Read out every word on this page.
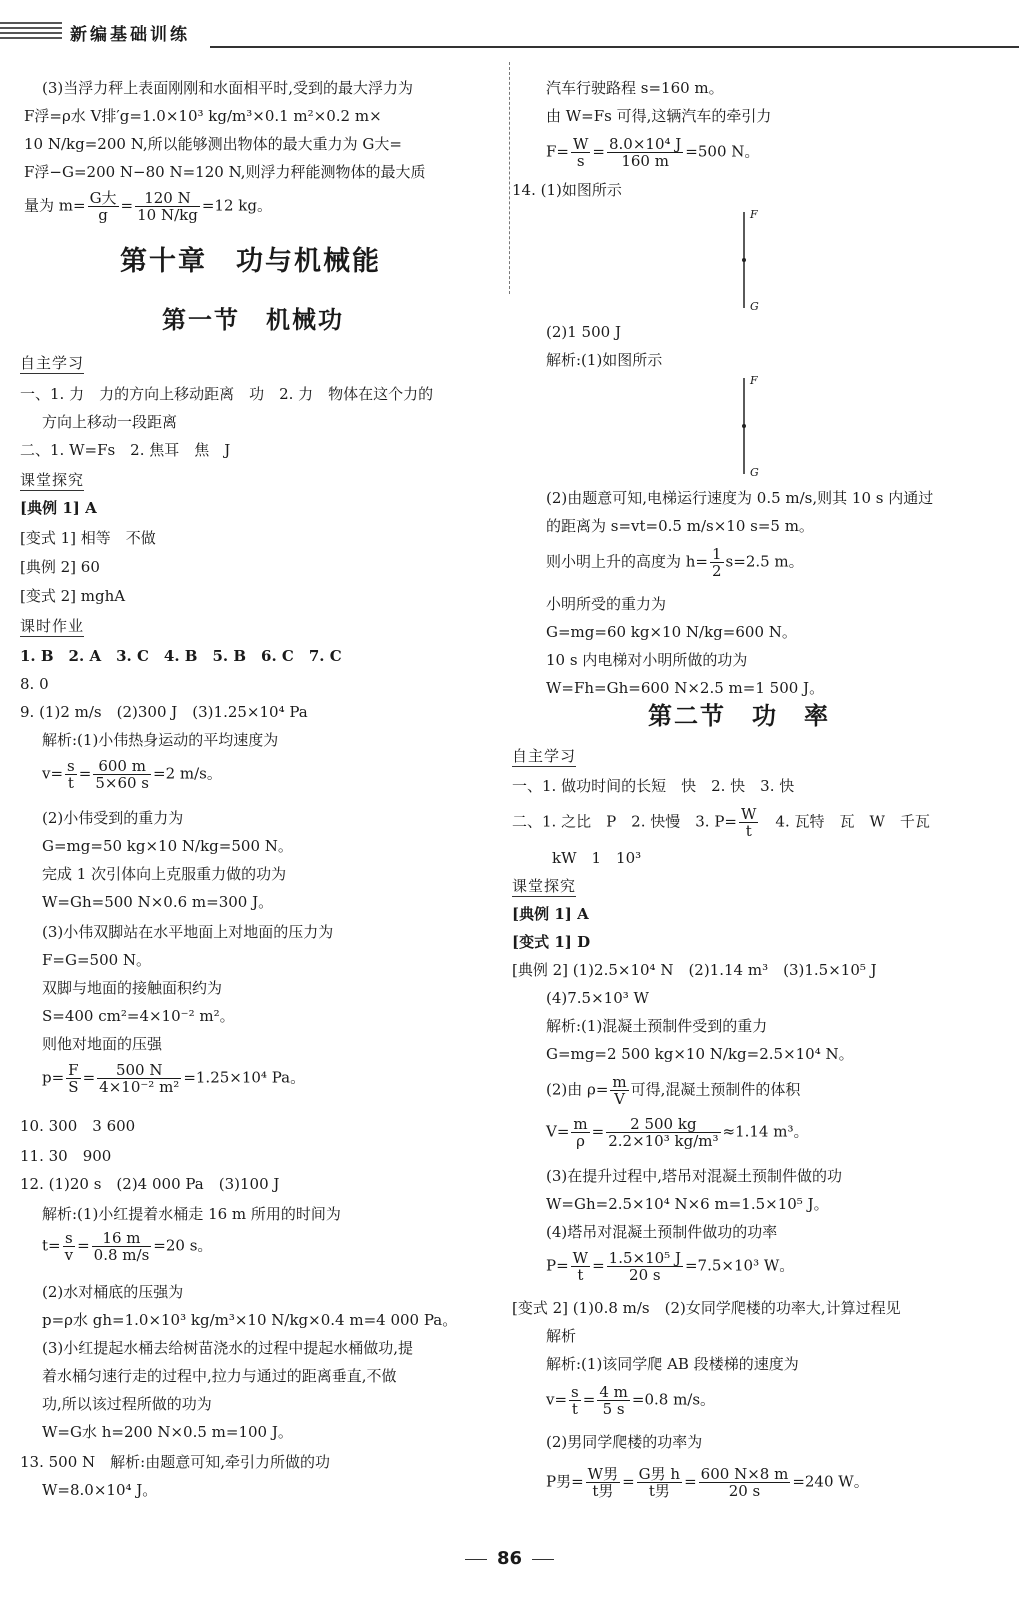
新编基础训练
(3)当浮力秤上表面刚刚和水面相平时,受到的最大浮力为
F浮=ρ水 V排′g=1.0×10³ kg/m³×0.1 m²×0.2 m×
10 N/kg=200 N,所以能够测出物体的最大重力为 G大=
F浮−G=200 N−80 N=120 N,则浮力秤能测物体的最大质
量为 $m= \frac{\text{G大}}{g} = \frac{120 N}{10 N/kg} =12$ kg。
第十章　功与机械能
第一节　机械功
自主学习
一、1. 力　力的方向上移动距离　功　2. 力　物体在这个力的
方向上移动一段距离
二、1. W=Fs　2. 焦耳　焦　J
课堂探究
[典例 1] A
[变式 1] 相等　不做
[典例 2] 60
[变式 2] mghA
课时作业
1. B　2. A　3. C　4. B　5. B　6. C　7. C
8. 0
9. (1)2 m/s　(2)300 J　(3)1.25×10⁴ Pa
解析:(1)小伟热身运动的平均速度为
$v= \frac{s}{t} = \frac{600 m}{5\times 60 s} =2$ m/s。
(2)小伟受到的重力为
G=mg=50 kg×10 N/kg=500 N。
完成 1 次引体向上克服重力做的功为
W=Gh=500 N×0.6 m=300 J。
(3)小伟双脚站在水平地面上对地面的压力为
F=G=500 N。
双脚与地面的接触面积约为
S=400 cm²=4×10⁻² m²。
则他对地面的压强
$p= \frac{F}{S} = \frac{500 N}{\text{4×10⁻² m²}} =1.25\times 10^4$ Pa。
10. 300　3 600
11. 30　900
12. (1)20 s　(2)4 000 Pa　(3)100 J
解析:(1)小红提着水桶走 16 m 所用的时间为
$t= \frac{s}{v} = \frac{16 m}{0.8 m/s} =20$ s。
(2)水对桶底的压强为
p=ρ水 gh=1.0×10³ kg/m³×10 N/kg×0.4 m=4 000 Pa。
(3)小红提起水桶去给树苗浇水的过程中提起水桶做功,提
着水桶匀速行走的过程中,拉力与通过的距离垂直,不做
功,所以该过程所做的功为
W=G水 h=200 N×0.5 m=100 J。
13. 500 N　解析:由题意可知,牵引力所做的功
W=8.0×10⁴ J。
汽车行驶路程 s=160 m。
由 W=Fs 可得,这辆汽车的牵引力
$F= \frac{W}{s} = \frac{\text{8.0×10⁴ J}}{160 m} =500$ N。
14. (1)如图所示
F
G
(2)1 500 J
解析:(1)如图所示
F
G
(2)由题意可知,电梯运行速度为 0.5 m/s,则其 10 s 内通过
的距离为 s=vt=0.5 m/s×10 s=5 m。
则小明上升的高度为 $h= \frac{1}{2} s=2.5$ m。
小明所受的重力为
G=mg=60 kg×10 N/kg=600 N。
10 s 内电梯对小明所做的功为
W=Fh=Gh=600 N×2.5 m=1 500 J。
第二节　功　率
自主学习
一、1. 做功时间的长短　快　2. 快　3. 快
二、1. 之比　P　2. 快慢　3. $P= \frac{W}{t}$ 　4. 瓦特　瓦　W　千瓦
kW　1　10³
课堂探究
[典例 1] A
[变式 1] D
[典例 2] (1)2.5×10⁴ N　(2)1.14 m³　(3)1.5×10⁵ J
(4)7.5×10³ W
解析:(1)混凝土预制件受到的重力
G=mg=2 500 kg×10 N/kg=2.5×10⁴ N。
(2)由 $\rho= \frac{m}{V}$ 可得,混凝土预制件的体积
$V= \frac{m}{\rho} = \frac{2 500 kg}{\text{2.2×10³ kg/m³}} \approx 1.14$ m³。
(3)在提升过程中,塔吊对混凝土预制件做的功
W=Gh=2.5×10⁴ N×6 m=1.5×10⁵ J。
(4)塔吊对混凝土预制件做功的功率
$P= \frac{W}{t} = \frac{\text{1.5×10⁵ J}}{20 s} =7.5\times 10^3$ W。
[变式 2] (1)0.8 m/s　(2)女同学爬楼的功率大,计算过程见
解析
解析:(1)该同学爬 AB 段楼梯的速度为
$v= \frac{s}{t} = \frac{4 m}{5 s} =0.8$ m/s。
(2)男同学爬楼的功率为
P男= $\frac{\text{W男}}{\text{t男}} = \frac{\text{G男 h}}{\text{t男}} = \frac{600 N\times 8 m}{20 s} =240$ W。
86
